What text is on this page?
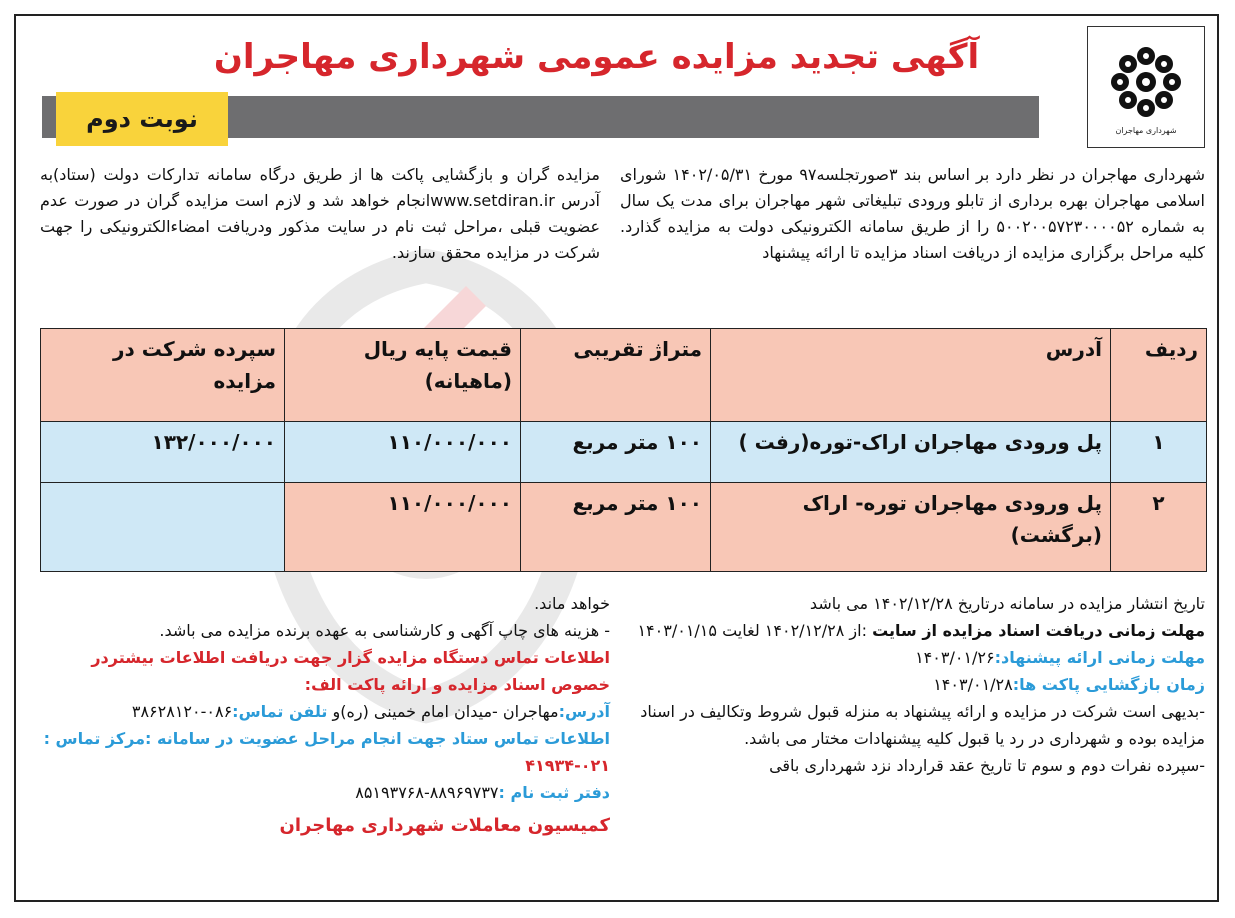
شهرداری مهاجران
آگهی تجدید مزایده عمومی شهرداری مهاجران
نوبت دوم

شهرداری مهاجران در نظر دارد بر اساس بند ۳صورتجلسه۹۷ مورخ ۱۴۰۲/۰۵/۳۱ شورای اسلامی مهاجران بهره برداری از تابلو ورودی تبلیغاتی شهر مهاجران برای مدت یک سال به شماره ۵۰۰۲۰۰۵۷۲۳۰۰۰۰۵۲ را از طریق سامانه الکترونیکی دولت به مزایده گذارد. کلیه مراحل برگزاری مزایده از دریافت اسناد مزایده تا ارائه پیشنهاد

مزایده گران و بازگشایی پاکت ها از طریق درگاه سامانه تدارکات دولت (ستاد)به آدرس www.setdiran.irانجام خواهد شد و لازم است مزایده گران در صورت عدم عضویت قبلی ،مراحل ثبت نام در سایت مذکور ودریافت امضاءالکترونیکی را جهت شرکت در مزایده محقق سازند.

ردیف	آدرس	متراژ تقریبی	قیمت پایه ریال (ماهیانه)	سپرده شرکت در مزایده
۱	پل ورودی مهاجران اراک-توره(رفت )	۱۰۰ متر مربع	۱۱۰/۰۰۰/۰۰۰	۱۳۲/۰۰۰/۰۰۰
۲	پل ورودی مهاجران توره- اراک (برگشت)	۱۰۰ متر مربع	۱۱۰/۰۰۰/۰۰۰	

تاریخ انتشار مزایده در سامانه درتاریخ ۱۴۰۲/۱۲/۲۸ می باشد

مهلت زمانی دریافت اسناد مزایده از سایت :از ۱۴۰۲/۱۲/۲۸ لغایت ۱۴۰۳/۰۱/۱۵

مهلت زمانی ارائه پیشنهاد:۱۴۰۳/۰۱/۲۶

زمان بازگشایی پاکت ها:۱۴۰۳/۰۱/۲۸

-بدیهی است شرکت در مزایده و ارائه پیشنهاد به منزله قبول شروط وتکالیف در اسناد مزایده بوده و شهرداری در رد یا قبول کلیه پیشنهادات مختار می باشد.

-سپرده نفرات دوم و سوم تا تاریخ عقد قرارداد نزد شهرداری باقی

خواهد ماند.

- هزینه های چاپ آگهی و کارشناسی به عهده برنده مزایده می باشد.

اطلاعات تماس دستگاه مزایده گزار جهت دریافت اطلاعات بیشتردر خصوص اسناد مزایده و ارائه پاکت الف:

آدرس:مهاجران -میدان امام خمینی (ره)و تلفن تماس:۰۸۶-۳۸۶۲۸۱۲۰

اطلاعات تماس ستاد جهت انجام مراحل عضویت در سامانه :مرکز تماس : ۰۲۱-۴۱۹۳۴

دفتر ثبت نام :۸۸۹۶۹۷۳۷-۸۵۱۹۳۷۶۸

کمیسیون معاملات شهرداری مهاجران
